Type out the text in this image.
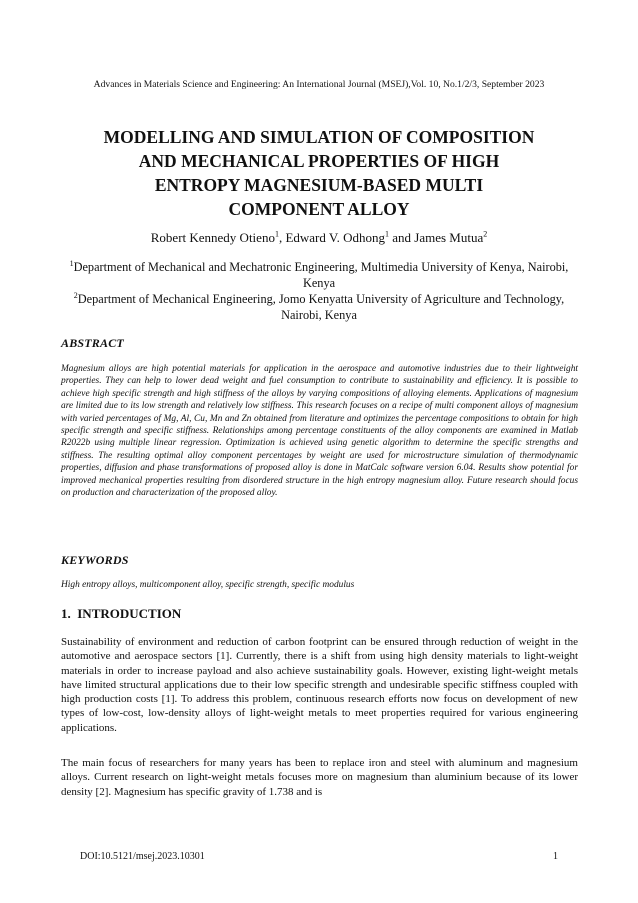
Advances in Materials Science and Engineering: An International Journal (MSEJ),Vol. 10, No.1/2/3, September 2023
MODELLING AND SIMULATION OF COMPOSITION
AND MECHANICAL PROPERTIES OF HIGH
ENTROPY MAGNESIUM-BASED MULTI
COMPONENT ALLOY
Robert Kennedy Otieno$^1$, Edward V. Odhong$^1$ and James Mutua$^2$

$^1$Department of Mechanical and Mechatronic Engineering, Multimedia University of Kenya, Nairobi, Kenya

$^2$Department of Mechanical Engineering, Jomo Kenyatta University of Agriculture and Technology, Nairobi, Kenya

ABSTRACT

Magnesium alloys are high potential materials for application in the aerospace and automotive industries due to their lightweight properties. They can help to lower dead weight and fuel consumption to contribute to sustainability and efficiency. It is possible to achieve high specific strength and high stiffness of the alloys by varying compositions of alloying elements. Applications of magnesium are limited due to its low strength and relatively low stiffness. This research focuses on a recipe of multi component alloys of magnesium with varied percentages of Mg, Al, Cu, Mn and Zn obtained from literature and optimizes the percentage compositions to obtain for high specific strength and specific stiffness. Relationships among percentage constituents of the alloy components are examined in Matlab R2022b using multiple linear regression. Optimization is achieved using genetic algorithm to determine the specific strengths and stiffness. The resulting optimal alloy component percentages by weight are used for microstructure simulation of thermodynamic properties, diffusion and phase transformations of proposed alloy is done in MatCalc software version 6.04. Results show potential for improved mechanical properties resulting from disordered structure in the high entropy magnesium alloy. Future research should focus on production and characterization of the proposed alloy.

KEYWORDS

High entropy alloys, multicomponent alloy, specific strength, specific modulus

1. INTRODUCTION

Sustainability of environment and reduction of carbon footprint can be ensured through reduction of weight in the automotive and aerospace sectors [1]. Currently, there is a shift from using high density materials to light-weight materials in order to increase payload and also achieve sustainability goals. However, existing light-weight metals have limited structural applications due to their low specific strength and undesirable specific stiffness coupled with high production costs [1]. To address this problem, continuous research efforts now focus on development of new types of low-cost, low-density alloys of light-weight metals to meet properties required for various engineering applications.

The main focus of researchers for many years has been to replace iron and steel with aluminum and magnesium alloys. Current research on light-weight metals focuses more on magnesium than aluminium because of its lower density [2]. Magnesium has specific gravity of 1.738 and is

DOI:10.5121/msej.2023.10301	1
